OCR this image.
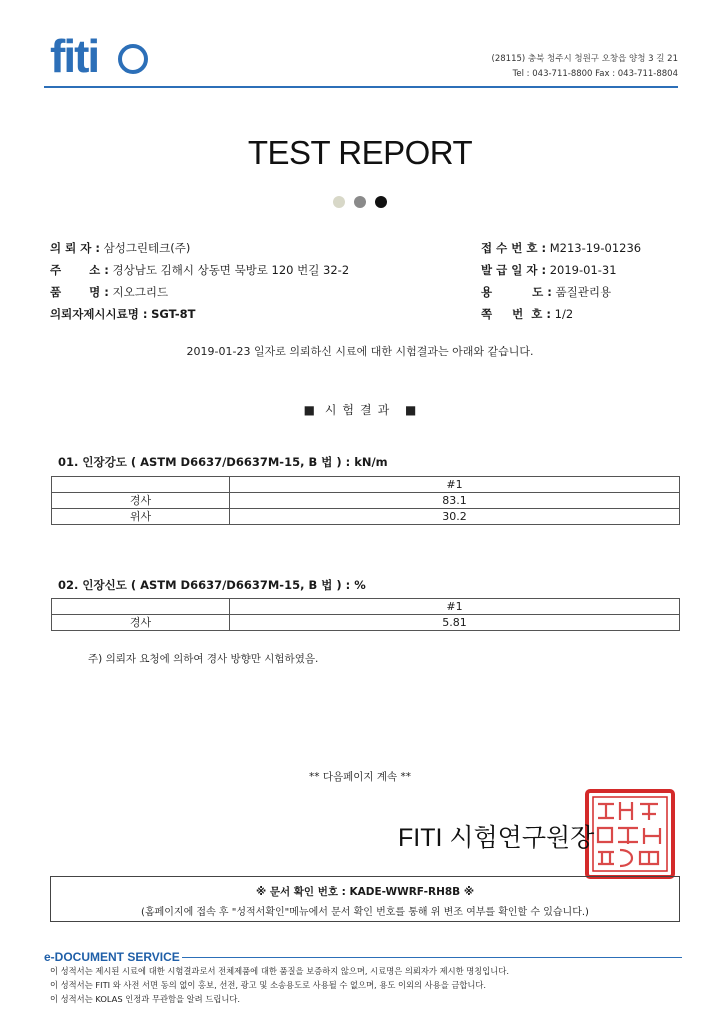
fiti	(28115) 충북 청주시 청원구 오창읍 양청 3 길 21
Tel : 043-711-8800 Fax : 043-711-8804
TEST REPORT
의 뢰 자 : 삼성그린테크(주)
주       소 : 경상남도 김해시 상동면 묵방로 120 번길 32-2
품       명 : 지오그리드
의뢰자제시시료명 : SGT-8T
접 수 번 호 : M213-19-01236
발 급 일 자 : 2019-01-31
용          도 : 품질관리용
쪽     번  호 : 1/2
2019-01-23 일자로 의뢰하신 시료에 대한 시험결과는 아래와 같습니다.
■ 시험결과 ■
01. 인장강도 ( ASTM D6637/D6637M-15, B 법 ) : kN/m
	#1
경사	83.1
위사	30.2
02. 인장신도 ( ASTM D6637/D6637M-15, B 법 ) : %
	#1
경사	5.81
주) 의뢰자 요청에 의하여 경사 방향만 시험하였음.
** 다음페이지 계속 **
FITI 시험연구원장
※ 문서 확인 번호 : KADE-WWRF-RH8B ※
(홈페이지에 접속 후 "성적서확인"메뉴에서 문서 확인 번호를 통해 위 변조 여부를 확인할 수 있습니다.)
e-DOCUMENT SERVICE
이 성적서는 제시된 시료에 대한 시험결과로서 전체제품에 대한 품질을 보증하지 않으며, 시료명은 의뢰자가 제시한 명칭입니다.
이 성적서는 FITI 와 사전 서면 동의 없이 홍보, 선전, 광고 및 소송용도로 사용될 수 없으며, 용도 이외의 사용을 금합니다.
이 성적서는 KOLAS 인정과 무관함을 알려 드립니다.
